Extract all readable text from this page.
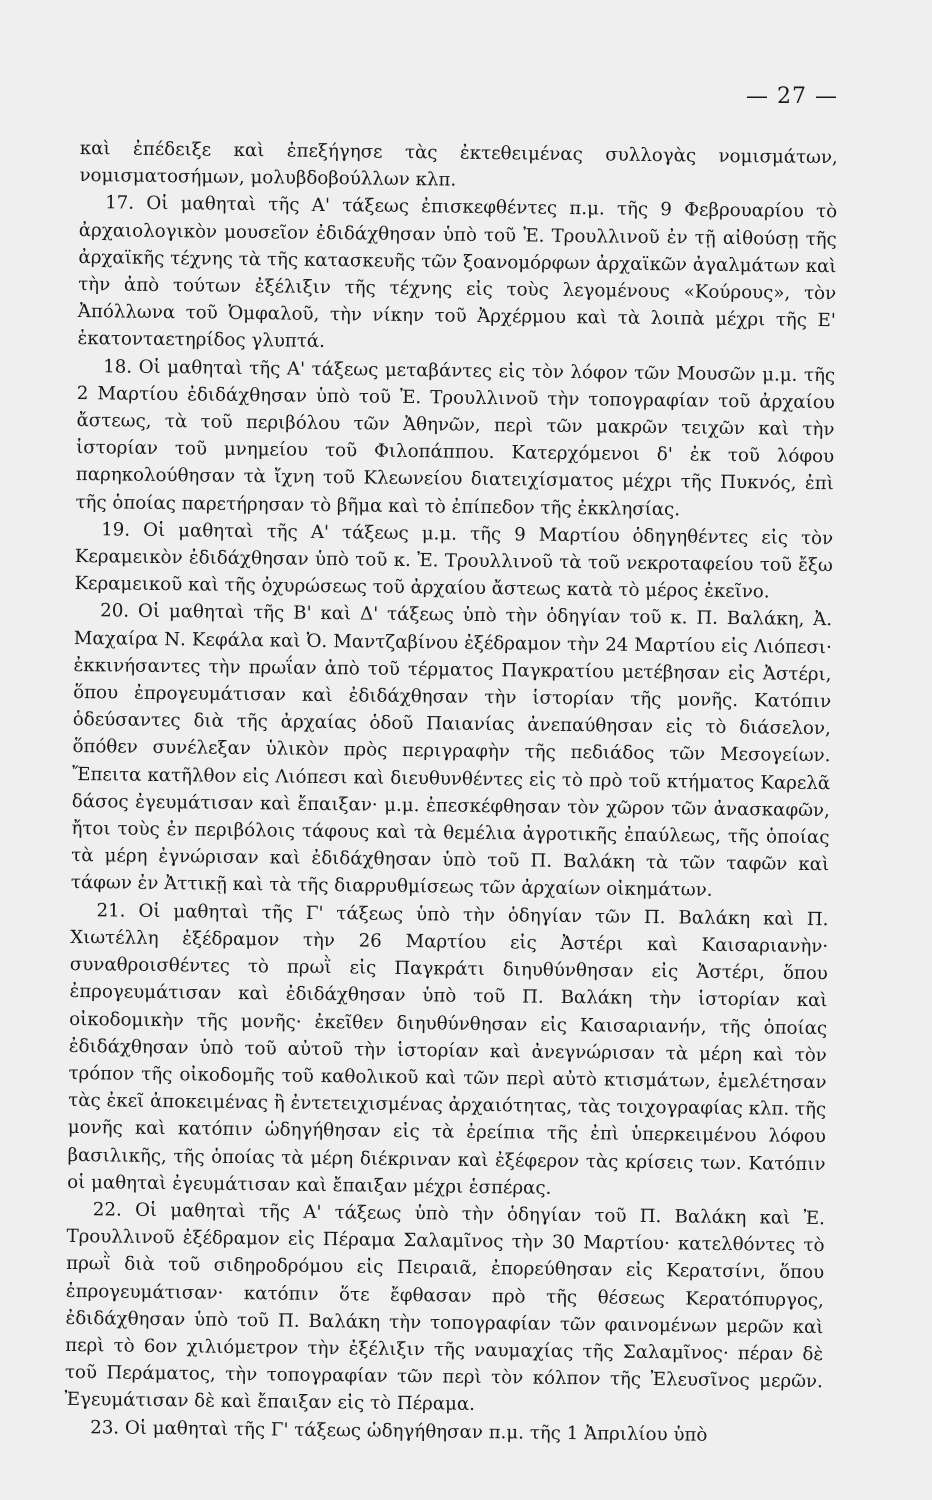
— 27 —

καὶ ἐπέδειξε καὶ ἐπεξήγησε τὰς ἐκτεθειμένας συλλογὰς νομισμάτων, νομισματοσήμων, μολυβδοβούλλων κλπ.

17. Οἱ μαθηταὶ τῆς Α' τάξεως ἐπισκεφθέντες π.μ. τῆς 9 Φεβρουαρίου τὸ ἀρχαιολογικὸν μουσεῖον ἐδιδάχθησαν ὑπὸ τοῦ Ἐ. Τρουλλινοῦ ἐν τῇ αἰθούσῃ τῆς ἀρχαϊκῆς τέχνης τὰ τῆς κατασκευῆς τῶν ξοανομόρφων ἀρχαϊκῶν ἀγαλμάτων καὶ τὴν ἀπὸ τούτων ἐξέλιξιν τῆς τέχνης εἰς τοὺς λεγομένους «Κούρους», τὸν Ἀπόλλωνα τοῦ Ὀμφαλοῦ, τὴν νίκην τοῦ Ἀρχέρμου καὶ τὰ λοιπὰ μέχρι τῆς Ε' ἑκατονταετηρίδος γλυπτά.

18. Οἱ μαθηταὶ τῆς Α' τάξεως μεταβάντες εἰς τὸν λόφον τῶν Μουσῶν μ.μ. τῆς 2 Μαρτίου ἐδιδάχθησαν ὑπὸ τοῦ Ἐ. Τρουλλινοῦ τὴν τοπογραφίαν τοῦ ἀρχαίου ἄστεως, τὰ τοῦ περιβόλου τῶν Ἀθηνῶν, περὶ τῶν μακρῶν τειχῶν καὶ τὴν ἱστορίαν τοῦ μνημείου τοῦ Φιλοπάππου. Κατερχόμενοι δ' ἐκ τοῦ λόφου παρηκολούθησαν τὰ ἴχνη τοῦ Κλεωνείου διατειχίσματος μέχρι τῆς Πυκνός, ἐπὶ τῆς ὁποίας παρετήρησαν τὸ βῆμα καὶ τὸ ἐπίπεδον τῆς ἐκκλησίας.

19. Οἱ μαθηταὶ τῆς Α' τάξεως μ.μ. τῆς 9 Μαρτίου ὁδηγηθέντες εἰς τὸν Κεραμεικὸν ἐδιδάχθησαν ὑπὸ τοῦ κ. Ἐ. Τρουλλινοῦ τὰ τοῦ νεκροταφείου τοῦ ἔξω Κεραμεικοῦ καὶ τῆς ὀχυρώσεως τοῦ ἀρχαίου ἄστεως κατὰ τὸ μέρος ἐκεῖνο.

20. Οἱ μαθηταὶ τῆς Β' καὶ Δ' τάξεως ὑπὸ τὴν ὁδηγίαν τοῦ κ. Π. Βαλάκη, Ἀ. Μαχαίρα Ν. Κεφάλα καὶ Ὀ. Μαντζαβίνου ἐξέδραμον τὴν 24 Μαρτίου εἰς Λιόπεσι· ἐκκινήσαντες τὴν πρωΐαν ἀπὸ τοῦ τέρματος Παγκρατίου μετέβησαν εἰς Ἀστέρι, ὅπου ἐπρογευμάτισαν καὶ ἐδιδάχθησαν τὴν ἱστορίαν τῆς μονῆς. Κατόπιν ὁδεύσαντες διὰ τῆς ἀρχαίας ὁδοῦ Παιανίας ἀνεπαύθησαν εἰς τὸ διάσελον, ὅπόθεν συνέλεξαν ὑλικὸν πρὸς περιγραφὴν τῆς πεδιάδος τῶν Μεσογείων. Ἔπειτα κατῆλθον εἰς Λιόπεσι καὶ διευθυνθέντες εἰς τὸ πρὸ τοῦ κτήματος Καρελᾶ δάσος ἐγευμάτισαν καὶ ἔπαιξαν· μ.μ. ἐπεσκέφθησαν τὸν χῶρον τῶν ἀνασκαφῶν, ἤτοι τοὺς ἐν περιβόλοις τάφους καὶ τὰ θεμέλια ἀγροτικῆς ἐπαύλεως, τῆς ὁποίας τὰ μέρη ἐγνώρισαν καὶ ἐδιδάχθησαν ὑπὸ τοῦ Π. Βαλάκη τὰ τῶν ταφῶν καὶ τάφων ἐν Ἀττικῇ καὶ τὰ τῆς διαρρυθμίσεως τῶν ἀρχαίων οἰκημάτων.

21. Οἱ μαθηταὶ τῆς Γ' τάξεως ὑπὸ τὴν ὁδηγίαν τῶν Π. Βαλάκη καὶ Π. Χιωτέλλη ἐξέδραμον τὴν 26 Μαρτίου εἰς Ἀστέρι καὶ Καισαριανὴν· συναθροισθέντες τὸ πρωῒ εἰς Παγκράτι διηυθύνθησαν εἰς Ἀστέρι, ὅπου ἐπρογευμάτισαν καὶ ἐδιδάχθησαν ὑπὸ τοῦ Π. Βαλάκη τὴν ἱστορίαν καὶ οἰκοδομικὴν τῆς μονῆς· ἐκεῖθεν διηυθύνθησαν εἰς Καισαριανήν, τῆς ὁποίας ἐδιδάχθησαν ὑπὸ τοῦ αὐτοῦ τὴν ἱστορίαν καὶ ἀνεγνώρισαν τὰ μέρη καὶ τὸν τρόπον τῆς οἰκοδομῆς τοῦ καθολικοῦ καὶ τῶν περὶ αὐτὸ κτισμάτων, ἐμελέτησαν τὰς ἐκεῖ ἀποκειμένας ἢ ἐντετειχισμένας ἀρχαιότητας, τὰς τοιχογραφίας κλπ. τῆς μονῆς καὶ κατόπιν ὡδηγήθησαν εἰς τὰ ἐρείπια τῆς ἐπὶ ὑπερκειμένου λόφου βασιλικῆς, τῆς ὁποίας τὰ μέρη διέκριναν καὶ ἐξέφερον τὰς κρίσεις των. Κατόπιν οἱ μαθηταὶ ἐγευμάτισαν καὶ ἔπαιξαν μέχρι ἑσπέρας.

22. Οἱ μαθηταὶ τῆς Α' τάξεως ὑπὸ τὴν ὁδηγίαν τοῦ Π. Βαλάκη καὶ Ἐ. Τρουλλινοῦ ἐξέδραμον εἰς Πέραμα Σαλαμῖνος τὴν 30 Μαρτίου· κατελθόντες τὸ πρωῒ διὰ τοῦ σιδηροδρόμου εἰς Πειραιᾶ, ἐπορεύθησαν εἰς Κερατσίνι, ὅπου ἐπρογευμάτισαν· κατόπιν ὅτε ἔφθασαν πρὸ τῆς θέσεως Κερατόπυργος, ἐδιδάχθησαν ὑπὸ τοῦ Π. Βαλάκη τὴν τοπογραφίαν τῶν φαινομένων μερῶν καὶ περὶ τὸ 6ον χιλιόμετρον τὴν ἐξέλιξιν τῆς ναυμαχίας τῆς Σαλαμῖνος· πέραν δὲ τοῦ Περάματος, τὴν τοπογραφίαν τῶν περὶ τὸν κόλπον τῆς Ἐλευσῖνος μερῶν. Ἐγευμάτισαν δὲ καὶ ἔπαιξαν εἰς τὸ Πέραμα.

23. Οἱ μαθηταὶ τῆς Γ' τάξεως ὡδηγήθησαν π.μ. τῆς 1 Ἀπριλίου ὑπὸ
